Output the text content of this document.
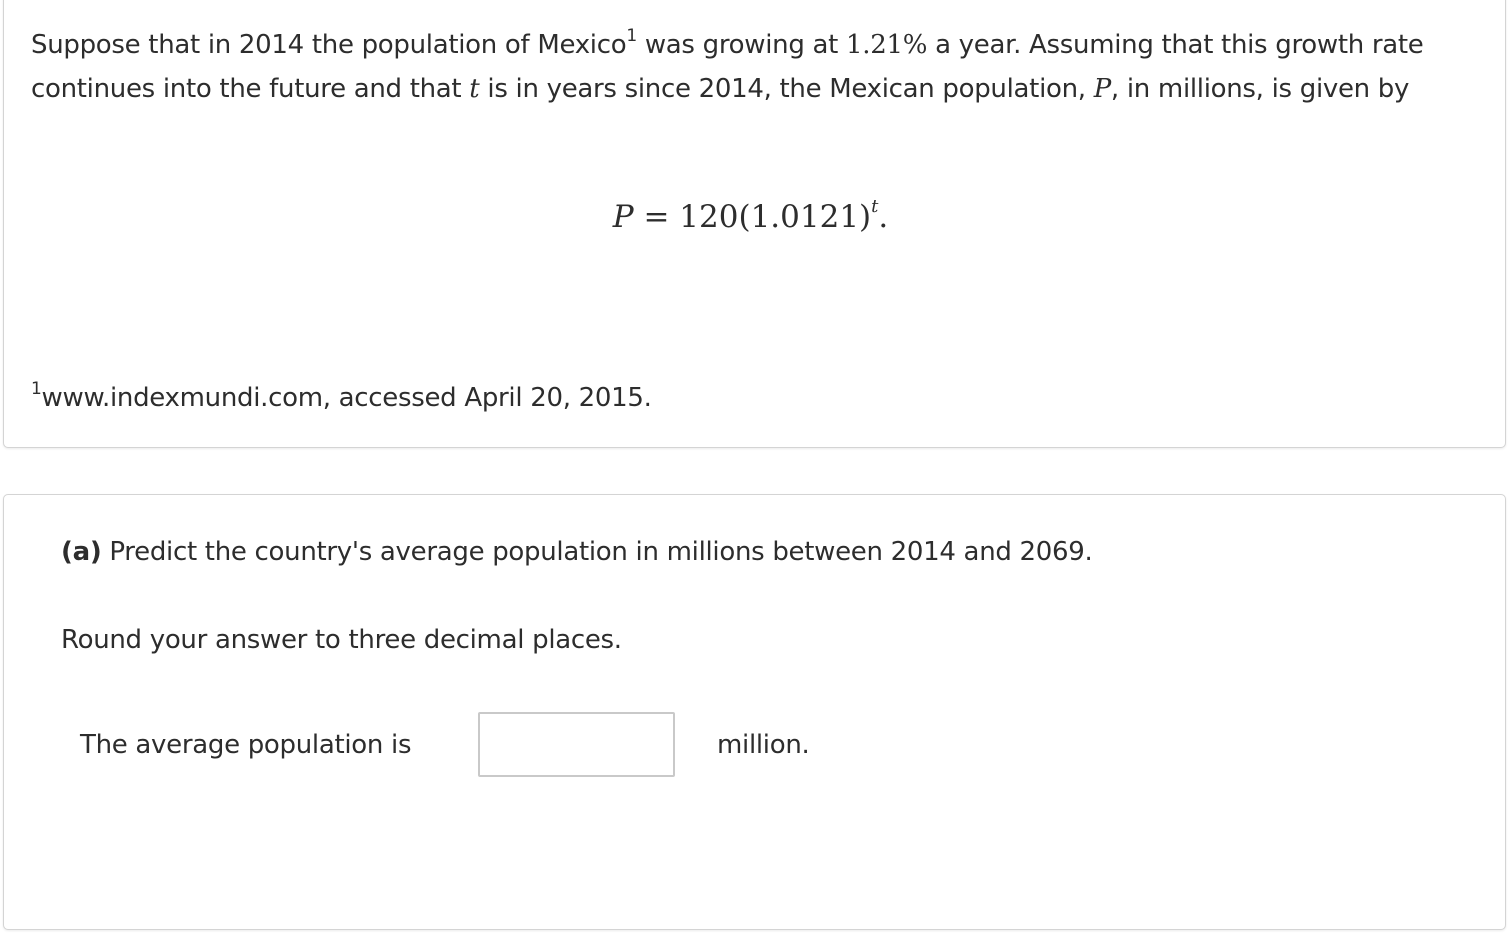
Suppose that in 2014 the population of Mexico$^1$ was growing at 1.21% a year. Assuming that this growth rate continues into the future and that t is in years since 2014, the Mexican population, P, in millions, is given by

$P = 120(1.0121)^t$.

$^1$www.indexmundi.com, accessed April 20, 2015.

(a) Predict the country's average population in millions between 2014 and 2069.

Round your answer to three decimal places.

The average population is	million.
